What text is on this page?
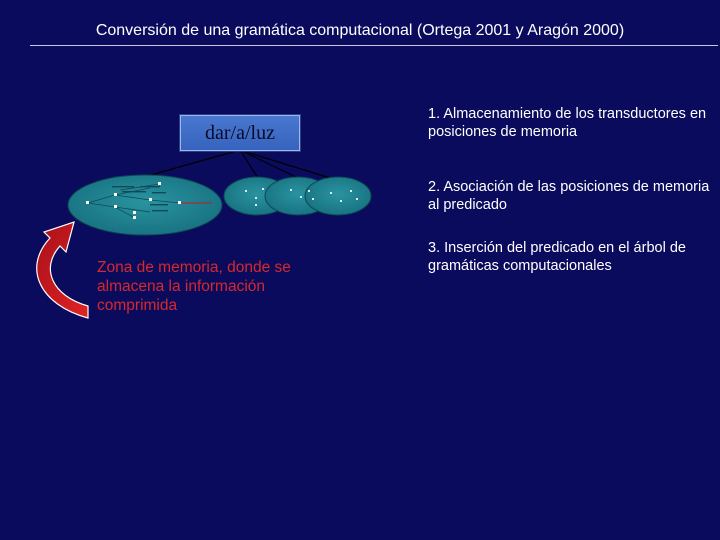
Conversión de una gramática computacional (Ortega 2001 y Aragón 2000)
dar/a/luz
1. Almacenamiento de los transductores en posiciones de memoria
2. Asociación de las posiciones de memoria al predicado
3. Inserción del predicado en el árbol de gramáticas computacionales
Zona de memoria, donde se almacena la información comprimida
